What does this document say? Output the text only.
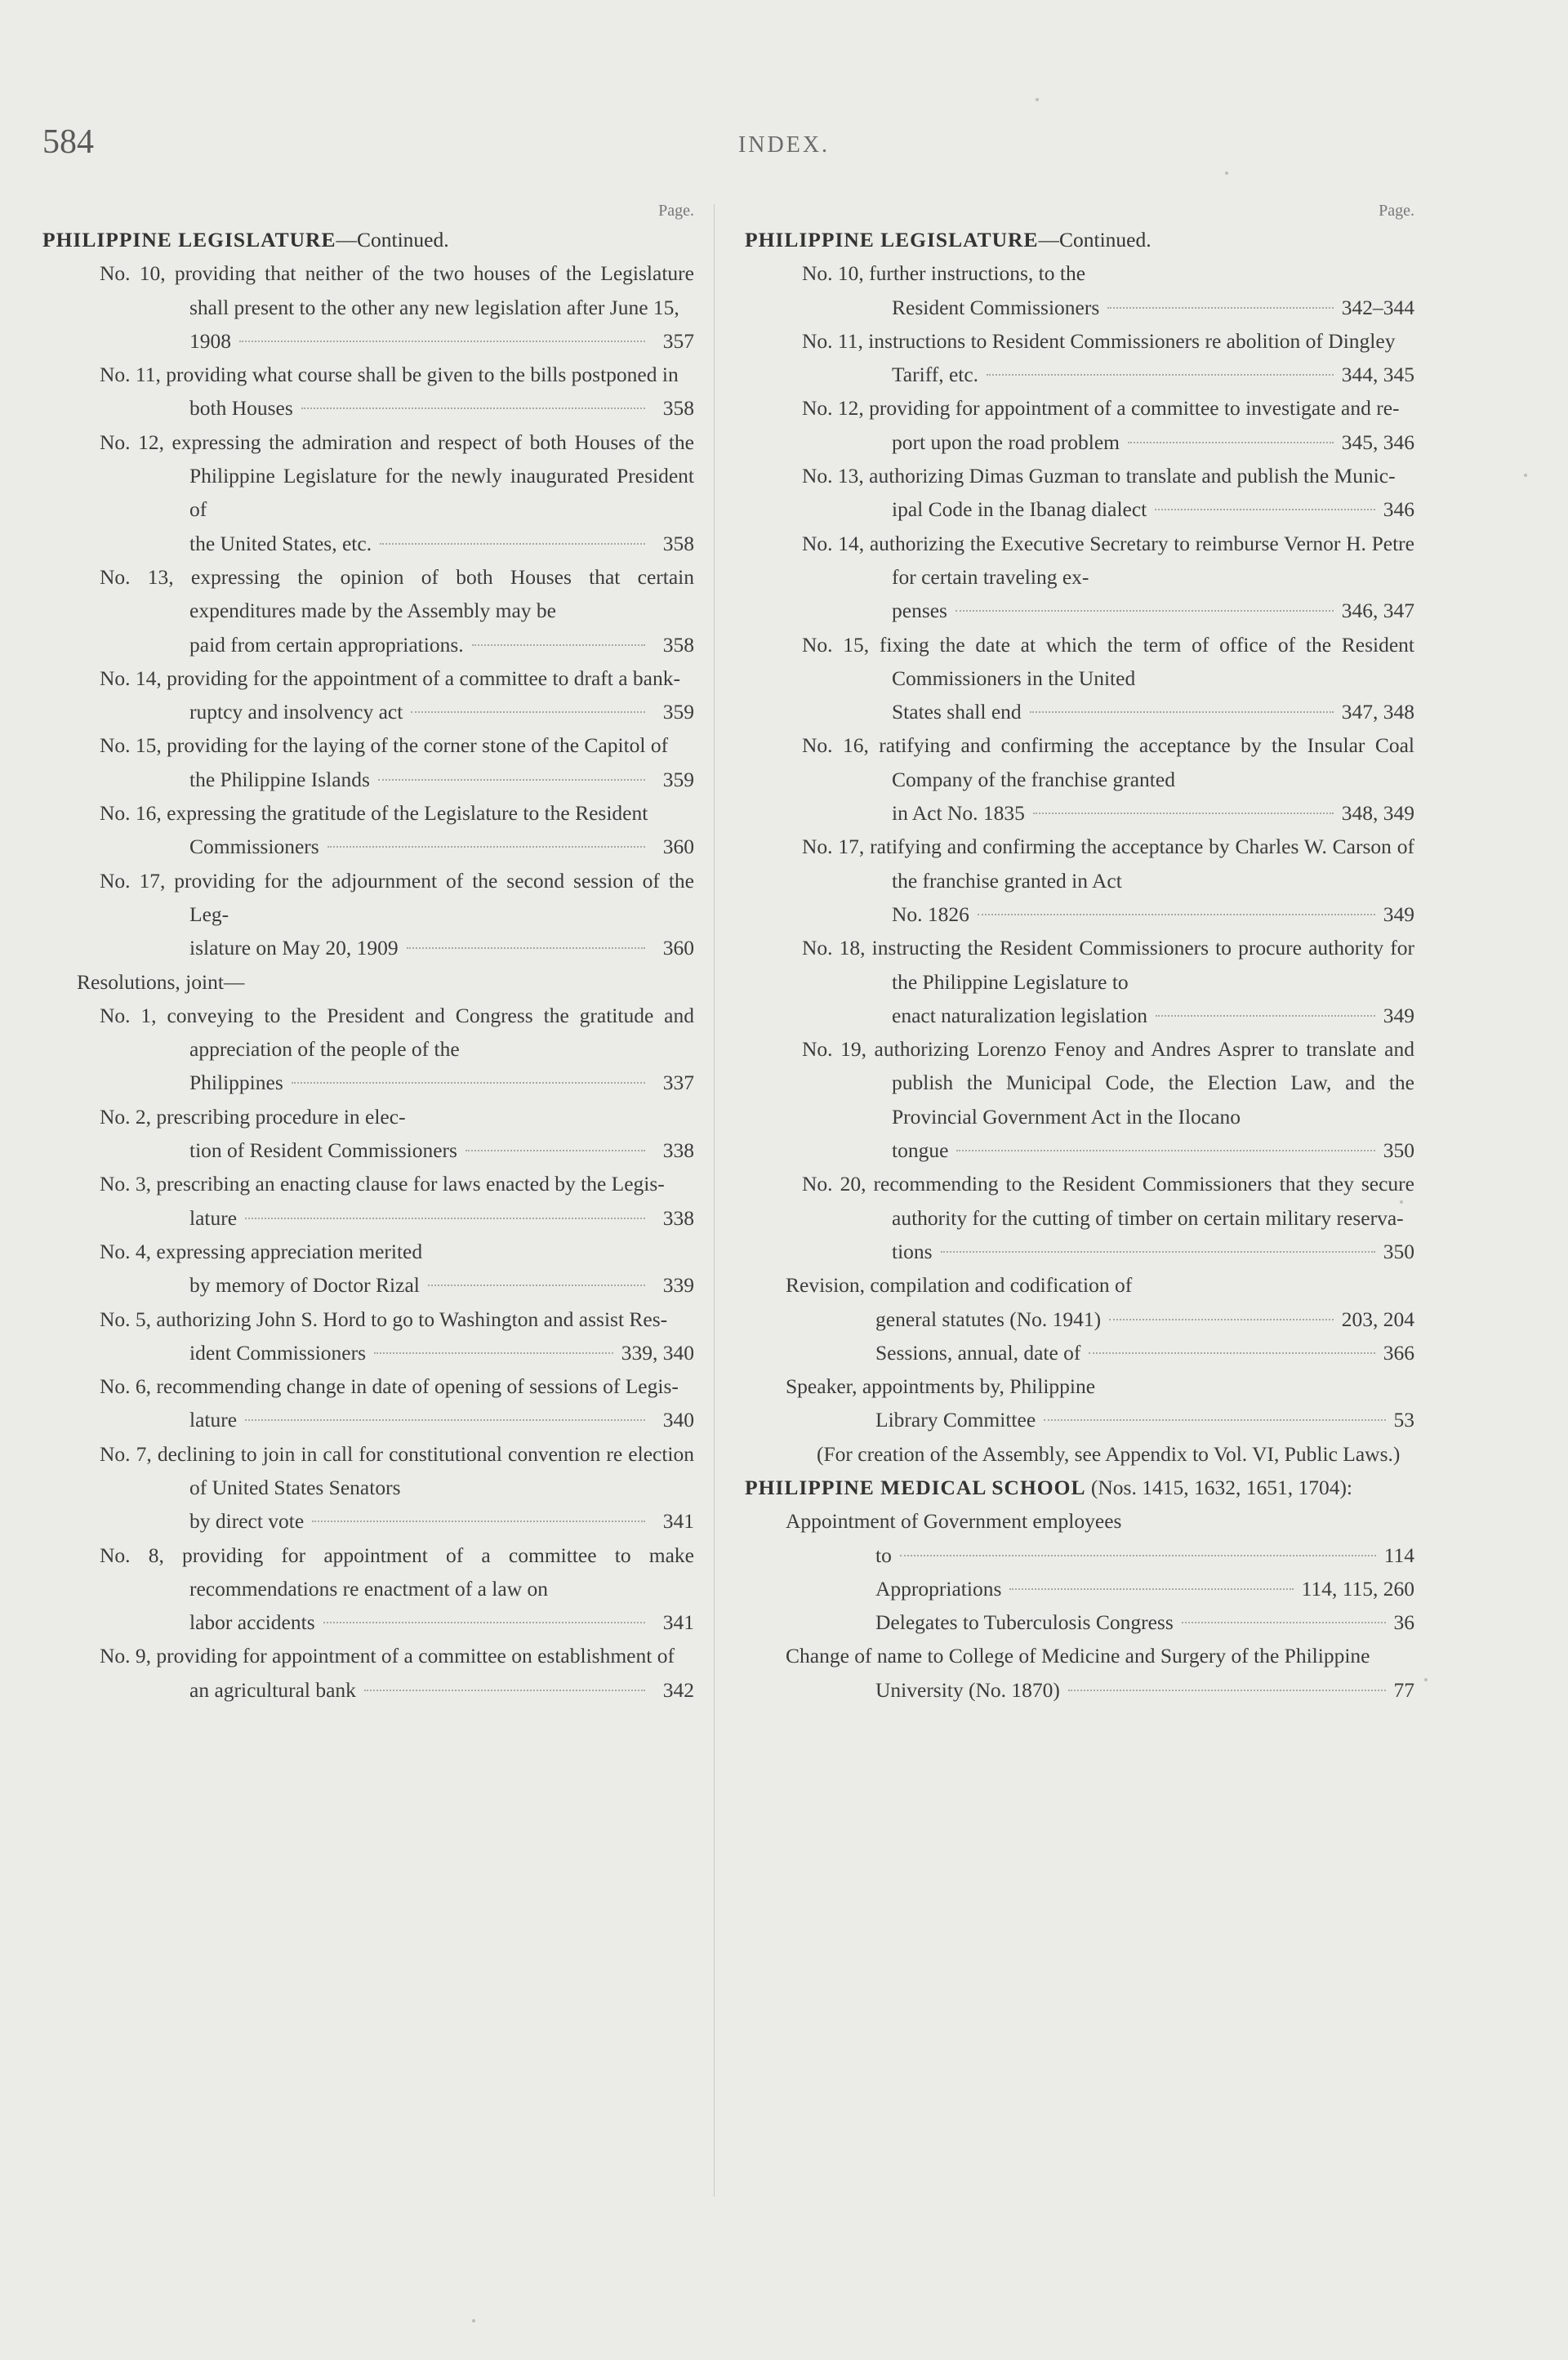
584	INDEX.
Page.
PHILIPPINE LEGISLATURE—Continued.
No. 10, providing that neither of the two houses of the Legislature shall present to the other any new legislation after June 15,
1908	357
No. 11, providing what course shall be given to the bills postponed in
both Houses	358
No. 12, expressing the admiration and respect of both Houses of the Philippine Legislature for the newly inaugurated President of
the United States, etc.	358
No. 13, expressing the opinion of both Houses that certain expenditures made by the Assembly may be
paid from certain appropriations.	358
No. 14, providing for the appointment of a committee to draft a bank-
ruptcy and insolvency act	359
No. 15, providing for the laying of the corner stone of the Capitol of
the Philippine Islands	359
No. 16, expressing the gratitude of the Legislature to the Resident
Commissioners	360
No. 17, providing for the adjournment of the second session of the Leg-
islature on May 20, 1909	360
Resolutions, joint—
No. 1, conveying to the President and Congress the gratitude and appreciation of the people of the
Philippines	337
No. 2, prescribing procedure in elec-
tion of Resident Commissioners	338
No. 3, prescribing an enacting clause for laws enacted by the Legis-
lature	338
No. 4, expressing appreciation merited
by memory of Doctor Rizal	339
No. 5, authorizing John S. Hord to go to Washington and assist Res-
ident Commissioners	339, 340
No. 6, recommending change in date of opening of sessions of Legis-
lature	340
No. 7, declining to join in call for constitutional convention re election of United States Senators
by direct vote	341
No. 8, providing for appointment of a committee to make recommendations re enactment of a law on
labor accidents	341
No. 9, providing for appointment of a committee on establishment of
an agricultural bank	342
Page.
PHILIPPINE LEGISLATURE—Continued.
No. 10, further instructions, to the
Resident Commissioners	342–344
No. 11, instructions to Resident Commissioners re abolition of Dingley
Tariff, etc.	344, 345
No. 12, providing for appointment of a committee to investigate and re-
port upon the road problem	345, 346
No. 13, authorizing Dimas Guzman to translate and publish the Munic-
ipal Code in the Ibanag dialect	346
No. 14, authorizing the Executive Secretary to reimburse Vernor H. Petre for certain traveling ex-
penses	346, 347
No. 15, fixing the date at which the term of office of the Resident Commissioners in the United
States shall end	347, 348
No. 16, ratifying and confirming the acceptance by the Insular Coal Company of the franchise granted
in Act No. 1835	348, 349
No. 17, ratifying and confirming the acceptance by Charles W. Carson of the franchise granted in Act
No. 1826	349
No. 18, instructing the Resident Commissioners to procure authority for the Philippine Legislature to
enact naturalization legislation	349
No. 19, authorizing Lorenzo Fenoy and Andres Asprer to translate and publish the Municipal Code, the Election Law, and the Provincial Government Act in the Ilocano
tongue	350
No. 20, recommending to the Resident Commissioners that they secure authority for the cutting of timber on certain military reserva-
tions	350
Revision, compilation and codification of
general statutes (No. 1941)	203, 204
Sessions, annual, date of	366
Speaker, appointments by, Philippine
Library Committee	53
(For creation of the Assembly, see Appendix to Vol. VI, Public Laws.)
PHILIPPINE MEDICAL SCHOOL (Nos. 1415, 1632, 1651, 1704):
Appointment of Government employees
to	114
Appropriations	114, 115, 260
Delegates to Tuberculosis Congress	36
Change of name to College of Medicine and Surgery of the Philippine
University (No. 1870)	77
